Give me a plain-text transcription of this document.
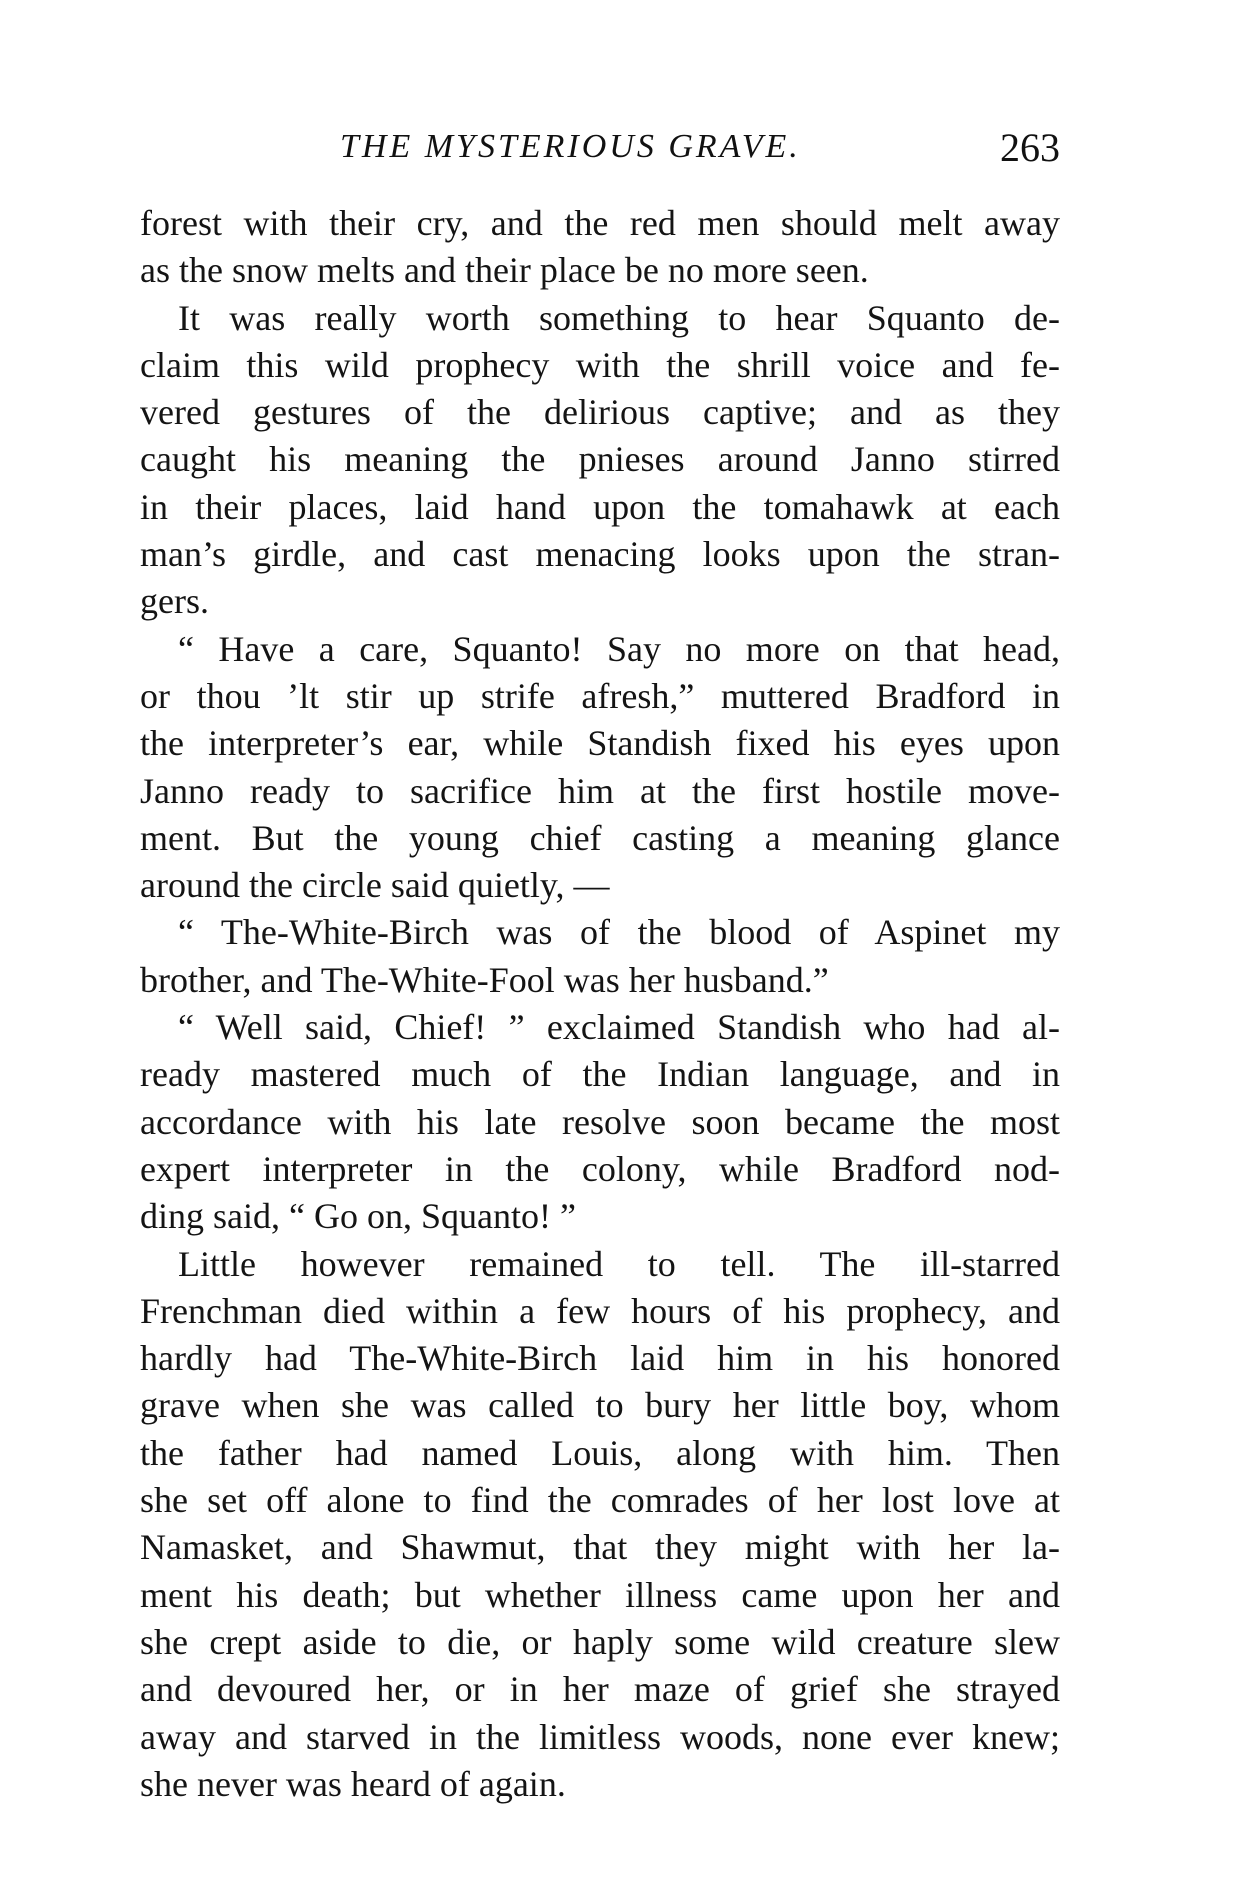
THE MYSTERIOUS GRAVE.	263
forest with their cry, and the red men should melt away
as the snow melts and their place be no more seen.
It was really worth something to hear Squanto de-
claim this wild prophecy with the shrill voice and fe-
vered gestures of the delirious captive; and as they
caught his meaning the pnieses around Janno stirred
in their places, laid hand upon the tomahawk at each
man’s girdle, and cast menacing looks upon the stran-
gers.
“ Have a care, Squanto! Say no more on that head,
or thou ’lt stir up strife afresh,” muttered Bradford in
the interpreter’s ear, while Standish fixed his eyes upon
Janno ready to sacrifice him at the first hostile move-
ment. But the young chief casting a meaning glance
around the circle said quietly, —
“ The-White-Birch was of the blood of Aspinet my
brother, and The-White-Fool was her husband.”
“ Well said, Chief! ” exclaimed Standish who had al-
ready mastered much of the Indian language, and in
accordance with his late resolve soon became the most
expert interpreter in the colony, while Bradford nod-
ding said, “ Go on, Squanto! ”
Little however remained to tell. The ill-starred
Frenchman died within a few hours of his prophecy, and
hardly had The-White-Birch laid him in his honored
grave when she was called to bury her little boy, whom
the father had named Louis, along with him. Then
she set off alone to find the comrades of her lost love at
Namasket, and Shawmut, that they might with her la-
ment his death; but whether illness came upon her and
she crept aside to die, or haply some wild creature slew
and devoured her, or in her maze of grief she strayed
away and starved in the limitless woods, none ever knew;
she never was heard of again.
